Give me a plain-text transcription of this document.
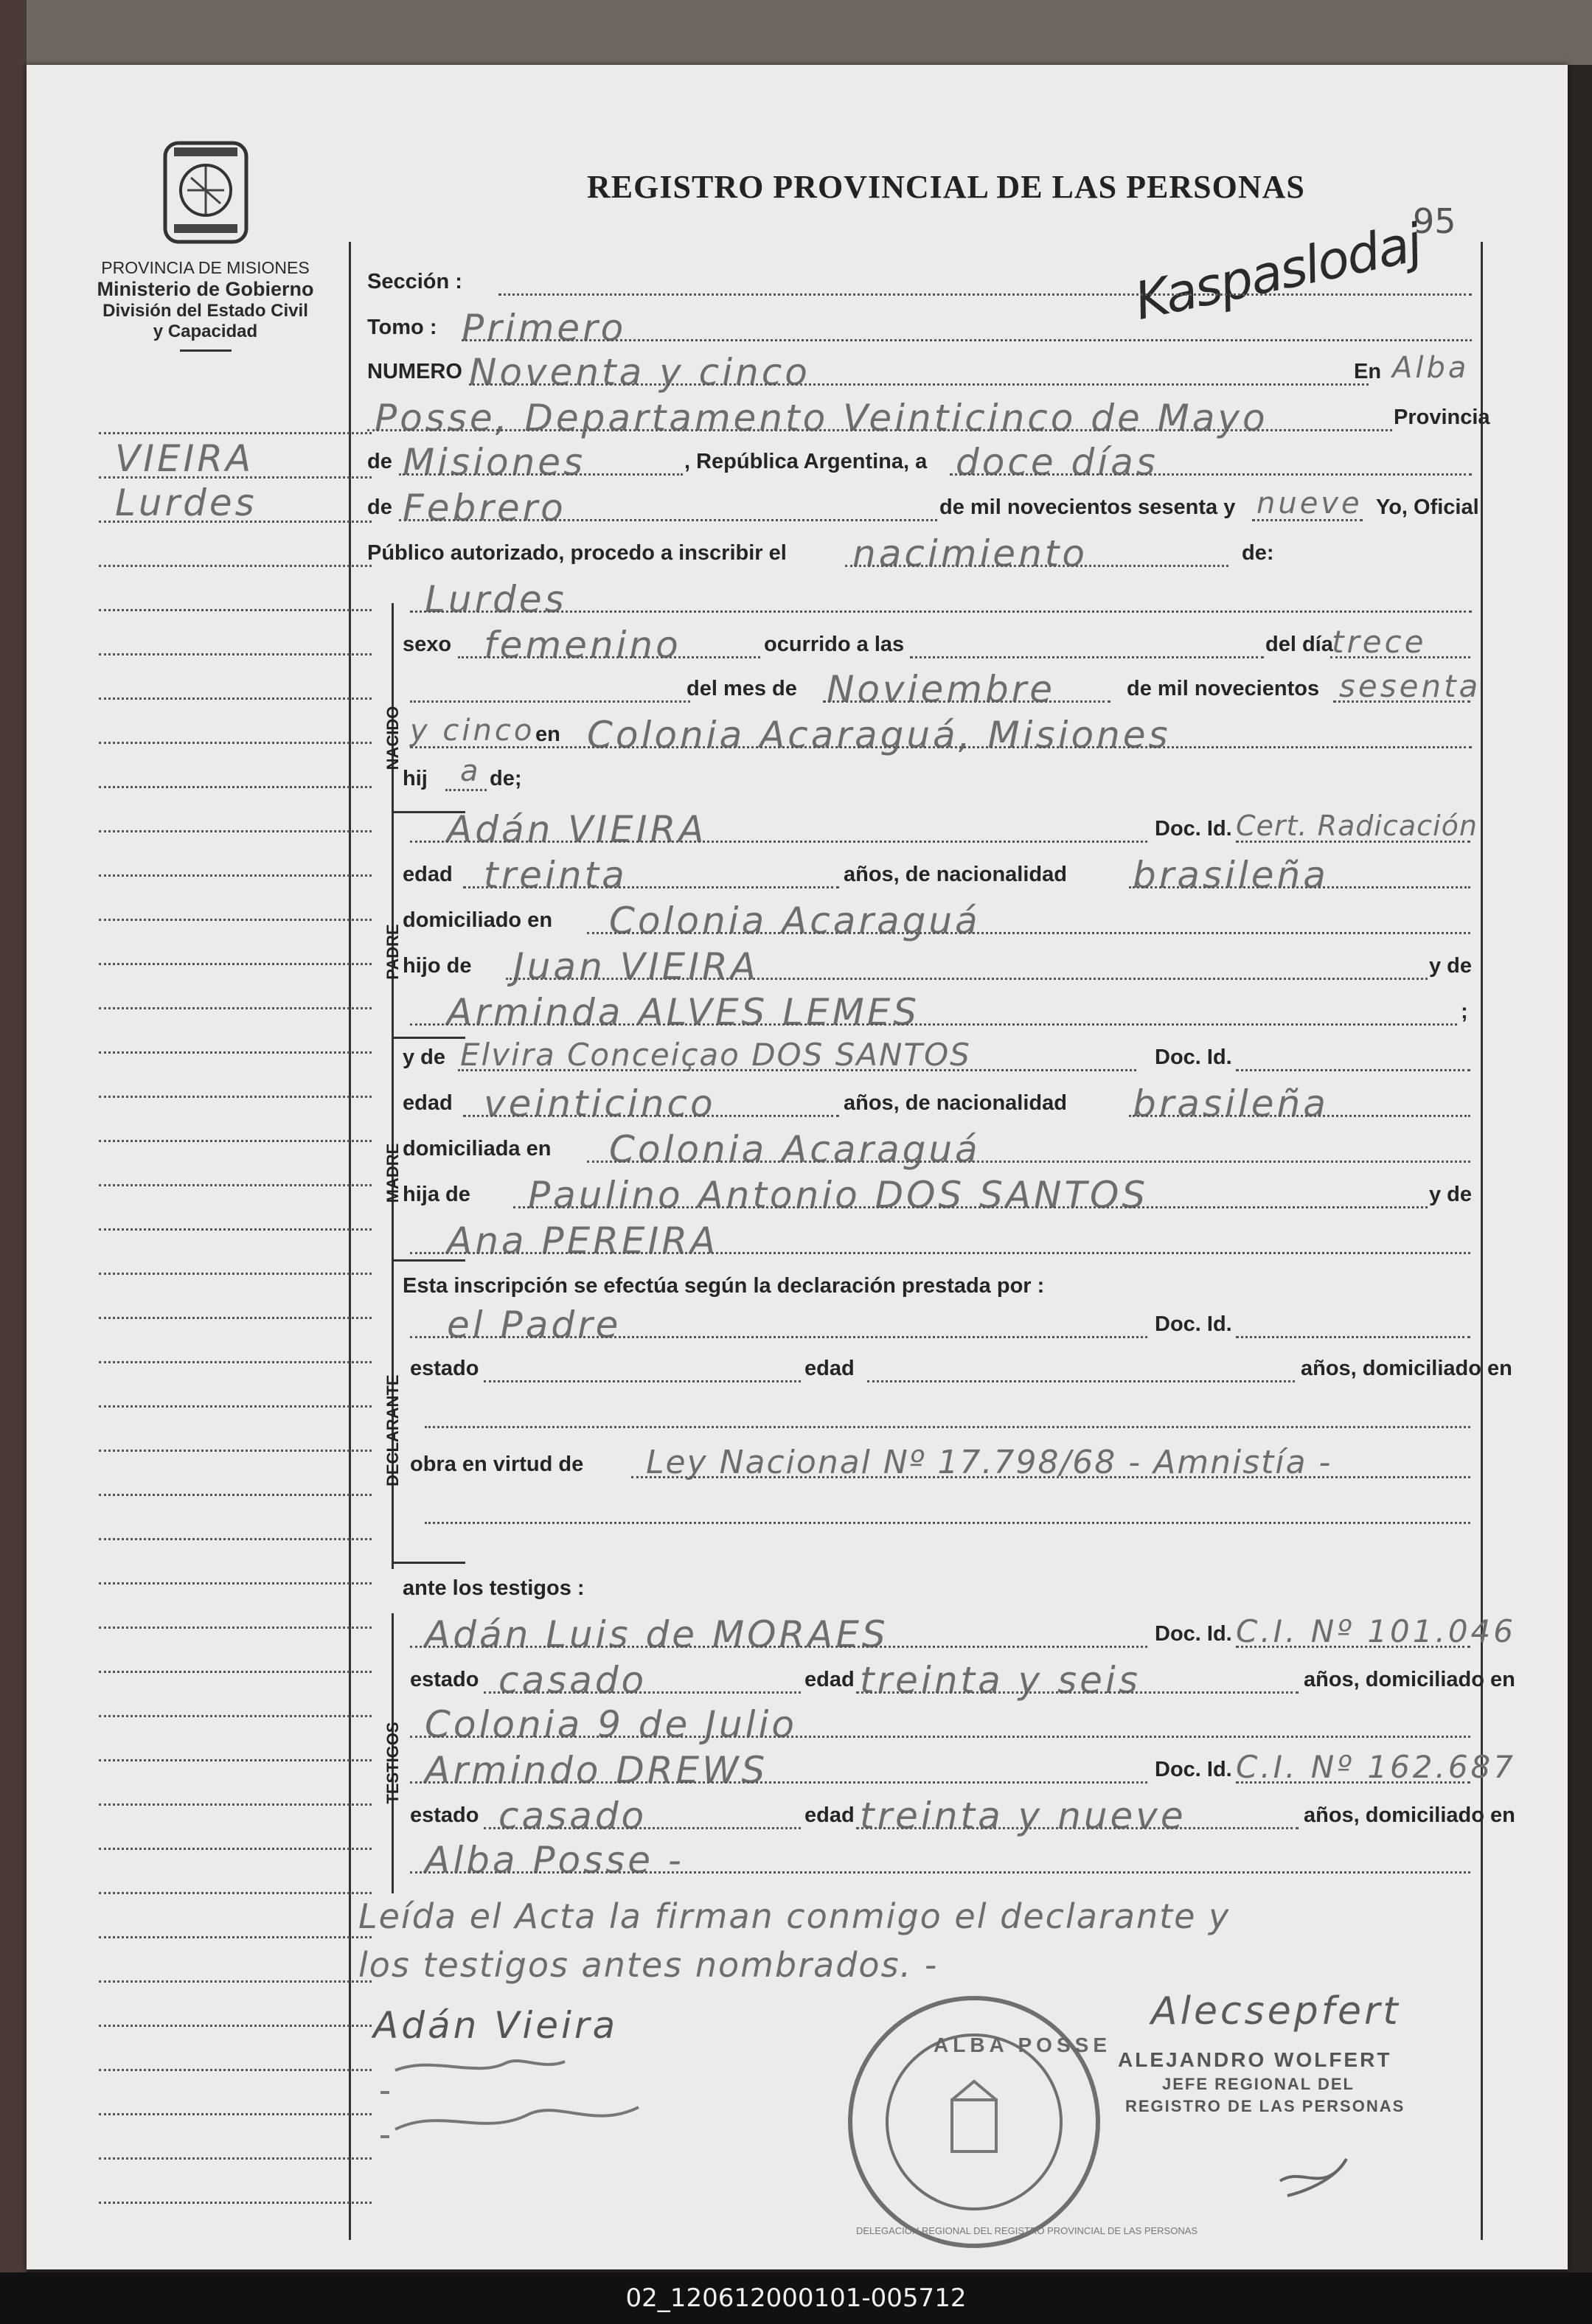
PROVINCIA DE MISIONES
Ministerio de Gobierno
División del Estado Civil
y Capacidad
REGISTRO PROVINCIAL DE LAS PERSONAS
Kaspaslodaj
95
VIEIRA
Lurdes
Sección :
Tomo : Primero
NUMERO Noventa y cinco	En Alba
Posse, Departamento Veinticinco de Mayo	Provincia
de Misiones	, República Argentina, a doce días
de Febrero	de mil novecientos sesenta y nueve Yo, Oficial
Público autorizado, procedo a inscribir el nacimiento	de:
NACIDO
Lurdes
sexo femenino	ocurrido a las	del día
trece
del mes de Noviembre	de mil novecientos sesenta
y cinco en Colonia Acaraguá, Misiones
hij a de;
PADRE
Adán VIEIRA	Doc. Id. Cert. Radicación
edad treinta	años, de nacionalidad brasileña
domiciliado en Colonia Acaraguá
hijo de Juan VIEIRA	y de
Arminda ALVES LEMES	;
MADRE
y de Elvira Conceiçao DOS SANTOS	Doc. Id.
edad veinticinco	años, de nacionalidad brasileña
domiciliada en Colonia Acaraguá
hija de Paulino Antonio DOS SANTOS	y de
Ana PEREIRA
Esta inscripción se efectúa según la declaración prestada por :
DECLARANTE
el Padre	Doc. Id.
estado	edad	años, domiciliado en
obra en virtud de Ley Nacional Nº 17.798/68 - Amnistía -
ante los testigos :
TESTIGOS
Adán Luis de MORAES	Doc. Id. C.I. Nº 101.046
estado casado	edad treinta y seis	años, domiciliado en
Colonia 9 de Julio
Armindo DREWS	Doc. Id. C.I. Nº 162.687
estado casado	edad treinta y nueve	años, domiciliado en
Alba Posse -
Leída el Acta la firman conmigo el declarante y
los testigos antes nombrados. -
Adán Vieira	ALBA POSSE
DELEGACION REGIONAL DEL REGISTRO PROVINCIAL DE LAS PERSONAS
Alecsepfert
ALEJANDRO WOLFERT
JEFE REGIONAL DEL
REGISTRO DE LAS PERSONAS
02_120612000101-005712
